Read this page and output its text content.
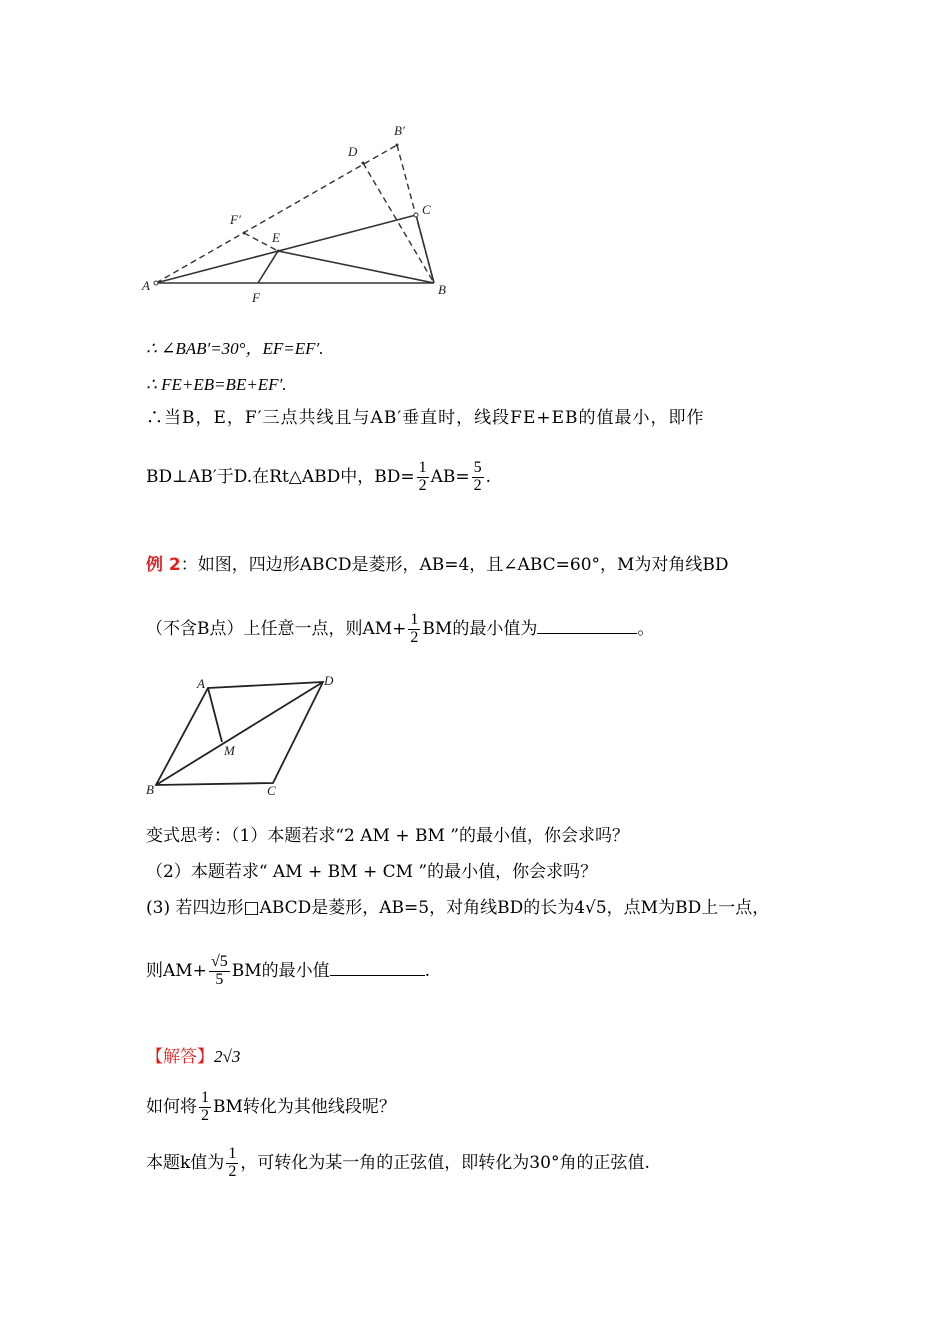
A	B
C
D
E
F
F′
B′
∴ ∠BAB′=30°，EF=EF′.
∴ FE+EB=BE+EF′.
∴当B，E，F′三点共线且与AB′垂直时，线段FE+EB的值最小，即作
BD⊥AB′于D.在Rt△ABD中，$BD= \frac{1}{2} AB= \frac{5}{2}$ .
例 2：如图，四边形ABCD是菱形，AB=4，且∠ABC=60°，M为对角线BD
（不含B点）上任意一点，则$AM+ \frac{1}{2}$ BM的最小值为	。
A
B	C
D
M
变式思考：（1）本题若求“2 AM + BM ”的最小值，你会求吗？
（2）本题若求“ AM + BM + CM ”的最小值，你会求吗？
(3) 若四边形□ABCD是菱形，AB=5，对角线BD的长为4√5，点M为BD上一点，
则$AM+ \frac{√5}{5}$ BM的最小值	.
【解答】2√3
如何将 $\frac{1}{2}$ BM转化为其他线段呢？
本题k值为 $\frac{1}{2}$ ，可转化为某一角的正弦值，即转化为30°角的正弦值.
